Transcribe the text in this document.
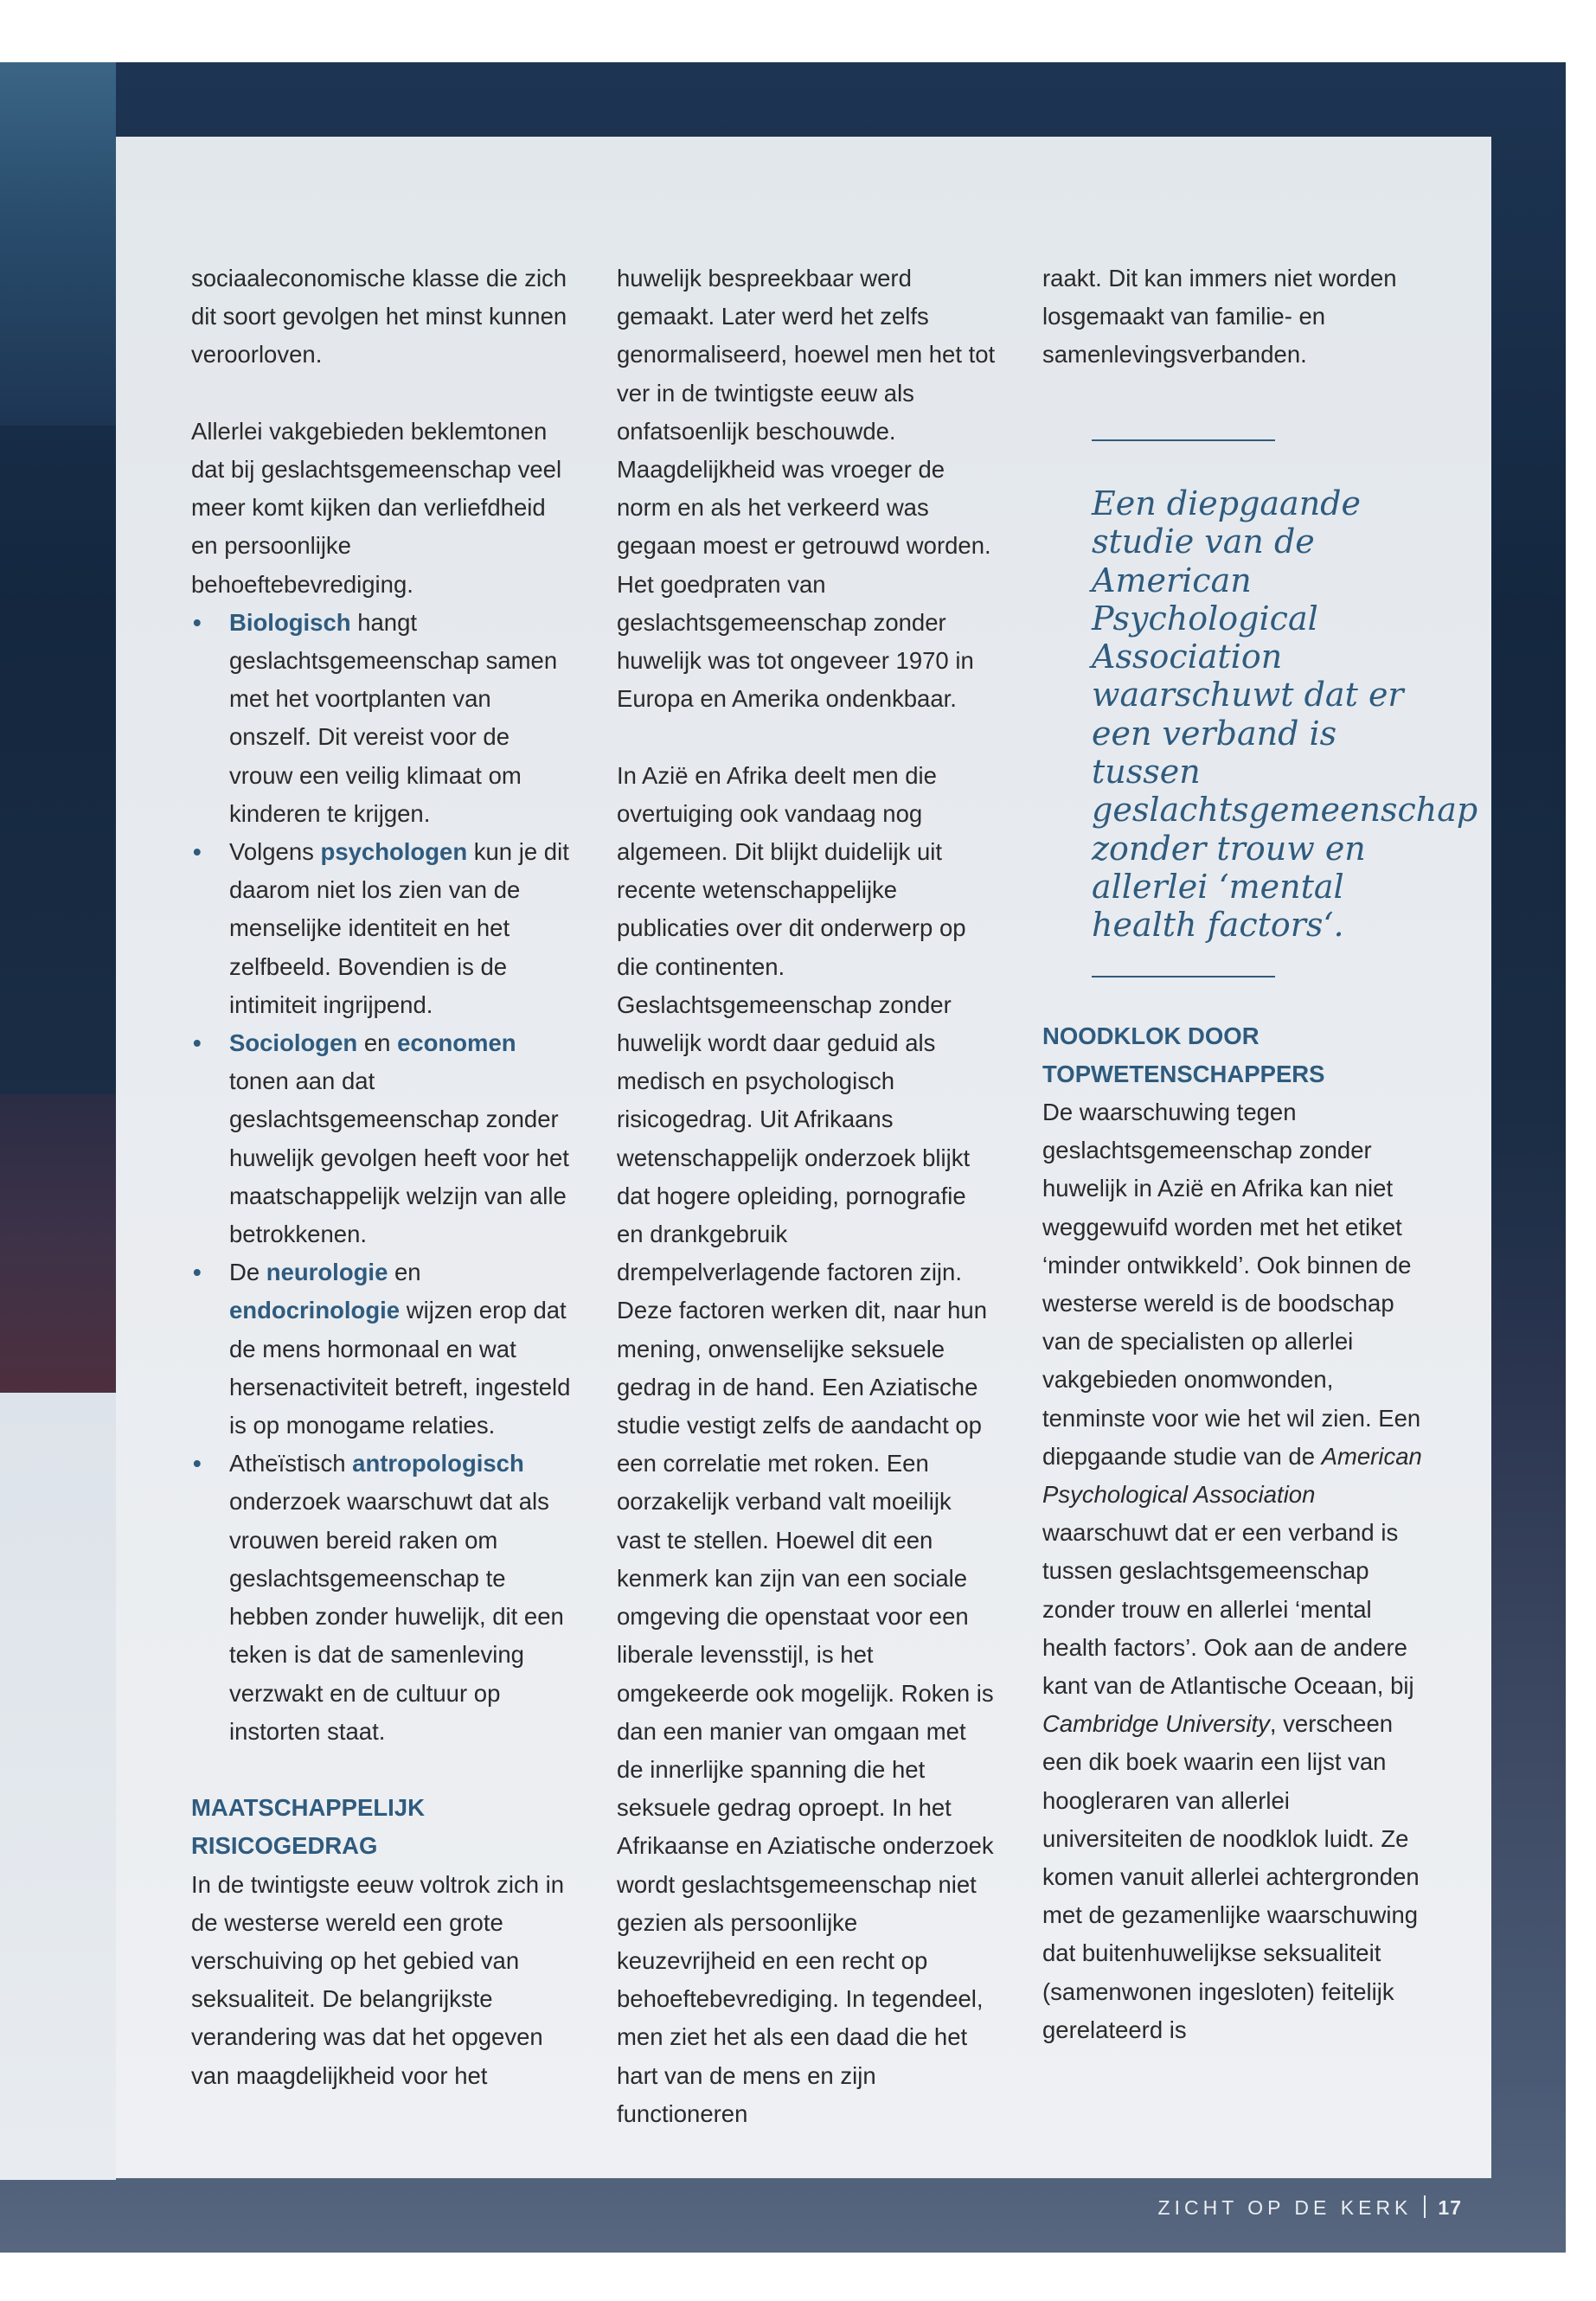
sociaaleconomische klasse die zich dit soort gevolgen het minst kunnen veroorloven.

Allerlei vakgebieden beklemtonen dat bij geslachtsgemeenschap veel meer komt kijken dan verliefdheid en persoonlijke behoeftebevrediging.

• Biologisch hangt geslachtsgemeenschap samen met het voortplanten van onszelf. Dit vereist voor de vrouw een veilig klimaat om kinderen te krijgen.
• Volgens psychologen kun je dit daarom niet los zien van de menselijke identiteit en het zelfbeeld. Bovendien is de intimiteit ingrijpend.
• Sociologen en economen tonen aan dat geslachtsgemeenschap zonder huwelijk gevolgen heeft voor het maatschappelijk welzijn van alle betrokkenen.
• De neurologie en endocrinologie wijzen erop dat de mens hormonaal en wat hersenactiviteit betreft, ingesteld is op monogame relaties.
• Atheïstisch antropologisch onderzoek waarschuwt dat als vrouwen bereid raken om geslachtsgemeenschap te hebben zonder huwelijk, dit een teken is dat de samenleving verzwakt en de cultuur op instorten staat.
MAATSCHAPPELIJK
RISICOGEDRAG

In de twintigste eeuw voltrok zich in de westerse wereld een grote verschuiving op het gebied van seksualiteit. De belangrijkste verandering was dat het opgeven van maagdelijkheid voor het

huwelijk bespreekbaar werd gemaakt. Later werd het zelfs genormaliseerd, hoewel men het tot ver in de twintigste eeuw als onfatsoenlijk beschouwde. Maagdelijkheid was vroeger de norm en als het verkeerd was gegaan moest er getrouwd worden. Het goedpraten van geslachtsgemeenschap zonder huwelijk was tot ongeveer 1970 in Europa en Amerika ondenkbaar.

In Azië en Afrika deelt men die overtuiging ook vandaag nog algemeen. Dit blijkt duidelijk uit recente wetenschappelijke publicaties over dit onderwerp op die continenten. Geslachtsgemeenschap zonder huwelijk wordt daar geduid als medisch en psychologisch risicogedrag. Uit Afrikaans wetenschappelijk onderzoek blijkt dat hogere opleiding, pornografie en drankgebruik drempelverlagende factoren zijn. Deze factoren werken dit, naar hun mening, onwenselijke seksuele gedrag in de hand. Een Aziatische studie vestigt zelfs de aandacht op een correlatie met roken. Een oorzakelijk verband valt moeilijk vast te stellen. Hoewel dit een kenmerk kan zijn van een sociale omgeving die openstaat voor een liberale levensstijl, is het omgekeerde ook mogelijk. Roken is dan een manier van omgaan met de innerlijke spanning die het seksuele gedrag oproept. In het Afrikaanse en Aziatische onderzoek wordt geslachtsgemeenschap niet gezien als persoonlijke keuzevrijheid en een recht op behoeftebevrediging. In tegendeel, men ziet het als een daad die het hart van de mens en zijn functioneren

raakt. Dit kan immers niet worden losgemaakt van familie- en samenlevingsverbanden.

NOODKLOK DOOR
TOPWETENSCHAPPERS

De waarschuwing tegen geslachtsgemeenschap zonder huwelijk in Azië en Afrika kan niet weggewuifd worden met het etiket ‘minder ontwikkeld’. Ook binnen de westerse wereld is de boodschap van de specialisten op allerlei vakgebieden onomwonden, tenminste voor wie het wil zien. Een diepgaande studie van de American Psychological Association waarschuwt dat er een verband is tussen geslachtsgemeenschap zonder trouw en allerlei ‘mental health factors’. Ook aan de andere kant van de Atlantische Oceaan, bij Cambridge University, verscheen een dik boek waarin een lijst van hoogleraren van allerlei universiteiten de noodklok luidt. Ze komen vanuit allerlei achtergronden met de gezamenlijke waarschuwing dat buitenhuwelijkse seksualiteit (samenwonen ingesloten) feitelijk gerelateerd is

Een diepgaande studie van de American Psychological Association waarschuwt dat er een verband is tussen geslachtsgemeenschap zonder trouw en allerlei ‘mental health factors‘.
ZICHT OP DE KERK 17
